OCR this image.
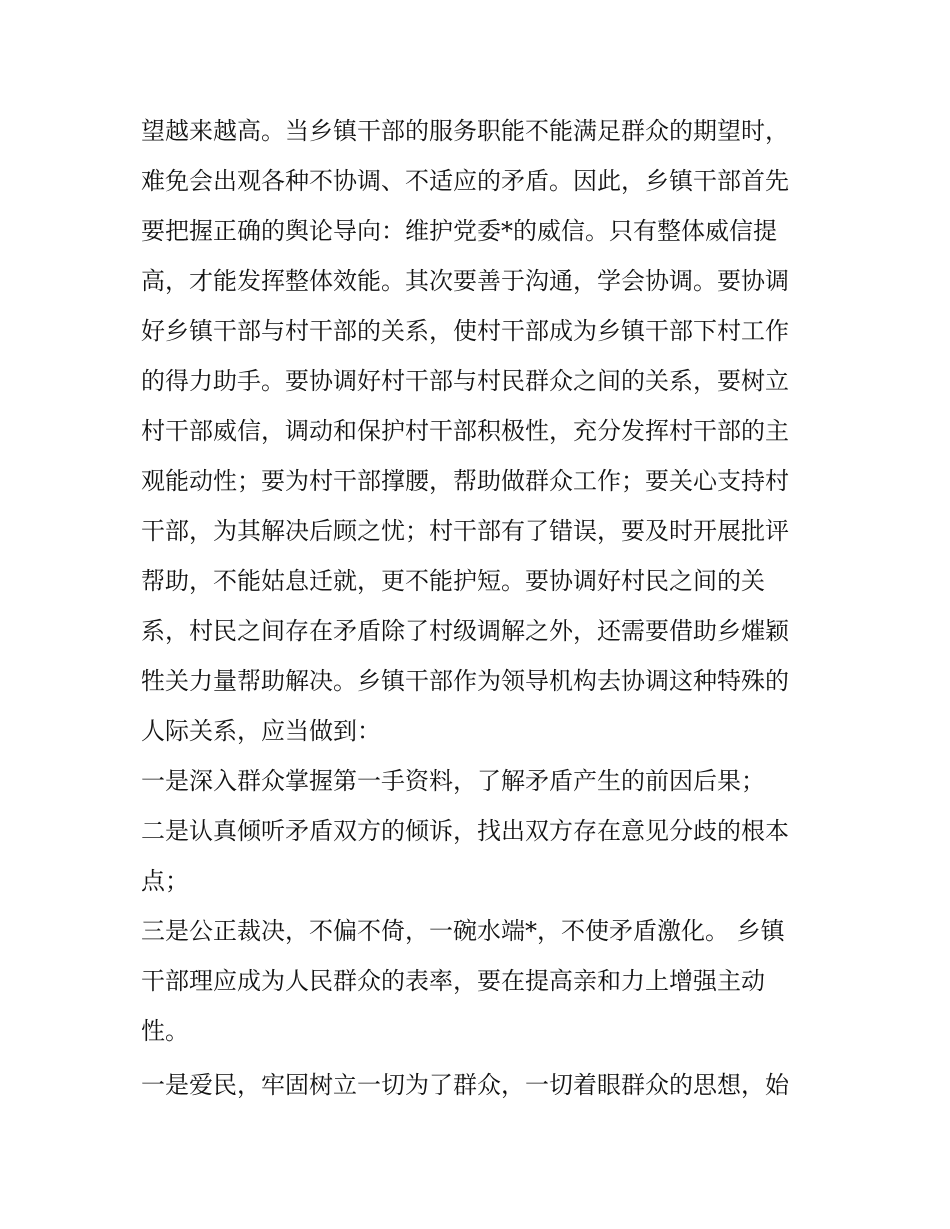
望越来越高。当乡镇干部的服务职能不能满足群众的期望时，
难免会出观各种不协调、不适应的矛盾。因此，乡镇干部首先
要把握正确的舆论导向：维护党委*的威信。只有整体威信提
高，才能发挥整体效能。其次要善于沟通，学会协调。要协调
好乡镇干部与村干部的关系，使村干部成为乡镇干部下村工作
的得力助手。要协调好村干部与村民群众之间的关系，要树立
村干部威信，调动和保护村干部积极性，充分发挥村干部的主
观能动性；要为村干部撑腰，帮助做群众工作；要关心支持村
干部，为其解决后顾之忧；村干部有了错误，要及时开展批评
帮助，不能姑息迁就，更不能护短。要协调好村民之间的关
系，村民之间存在矛盾除了村级调解之外，还需要借助乡熣颖
牲关力量帮助解决。乡镇干部作为领导机构去协调这种特殊的
人际关系，应当做到：
一是深入群众掌握第一手资料，了解矛盾产生的前因后果；
二是认真倾听矛盾双方的倾诉，找出双方存在意见分歧的根本
点；
三是公正裁决，不偏不倚，一碗水端*，不使矛盾激化。 乡镇
干部理应成为人民群众的表率，要在提高亲和力上增强主动
性。
一是爱民，牢固树立一切为了群众，一切着眼群众的思想，始
